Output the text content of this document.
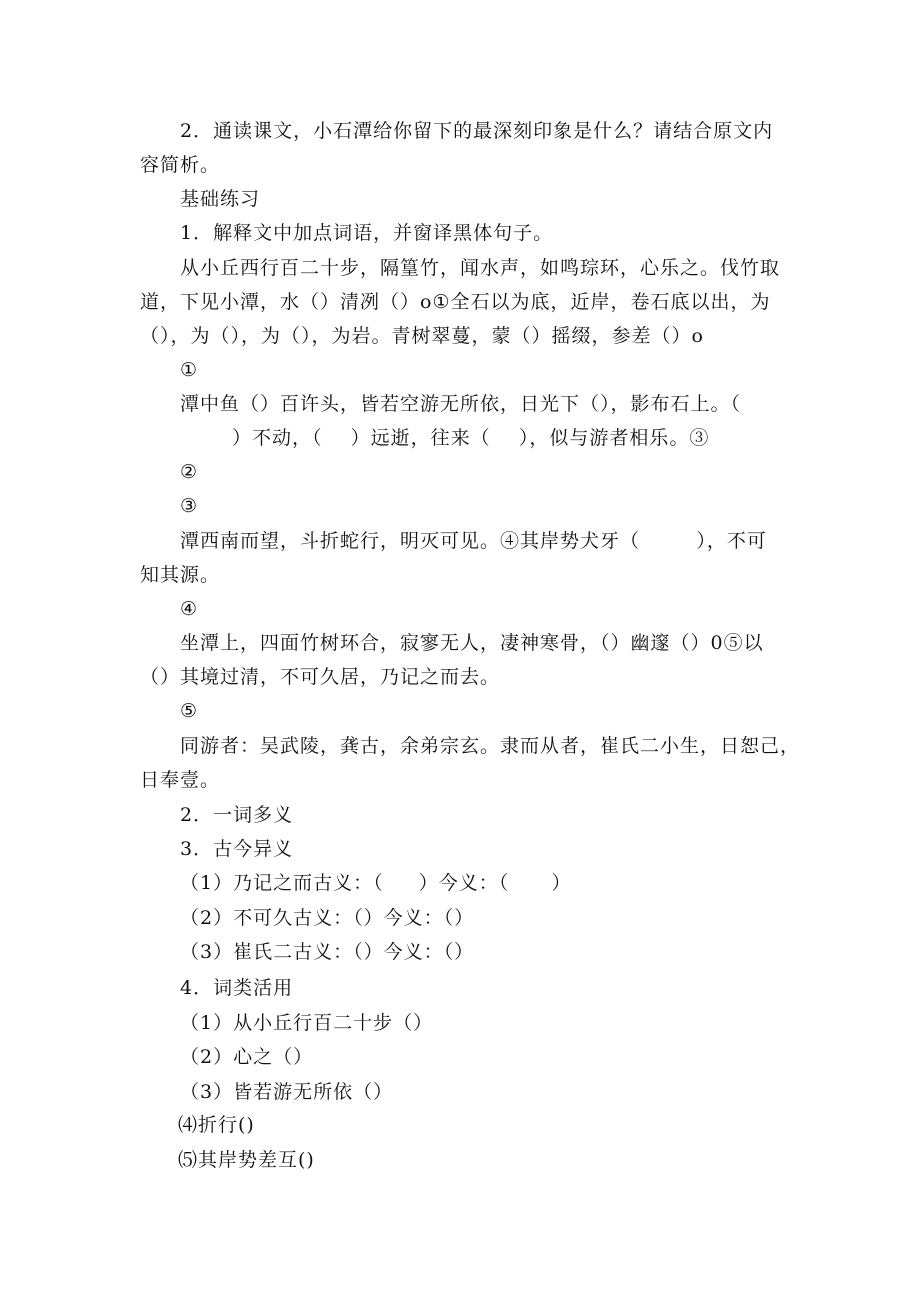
2．通读课文，小石潭给你留下的最深刻印象是什么？请结合原文内
容简析。
基础练习
1．解释文中加点词语，并窗译黑体句子。
从小丘西行百二十步，隔篁竹，闻水声，如鸣琮环，心乐之。伐竹取
道，下见小潭，水（）清冽（）o①全石以为底，近岸，卷石底以出，为
（），为（），为（），为岩。青树翠蔓，蒙（）摇缀，参差（）o
①
潭中鱼（）百许头，皆若空游无所依，日光下（），影布石上。（
）不动，（    ）远逝，往来（    ），似与游者相乐。③
②
③
潭西南而望，斗折蛇行，明灭可见。④其岸势犬牙（        ），不可
知其源。
④
坐潭上，四面竹树环合，寂寥无人，凄神寒骨，（）幽邃（）0⑤以
（）其境过清，不可久居，乃记之而去。
⑤
同游者：吴武陵，龚古，余弟宗玄。隶而从者，崔氏二小生，日恕己，
日奉壹。
2．一词多义
3．古今异义
（1）乃记之而古义：（     ）今义：（      ）
（2）不可久古义：（）今义：（）
（3）崔氏二古义：（）今义：（）
4．词类活用
（1）从小丘行百二十步（）
（2）心之（）
（3）皆若游无所依（）
⑷折行()
⑸其岸势差互()
